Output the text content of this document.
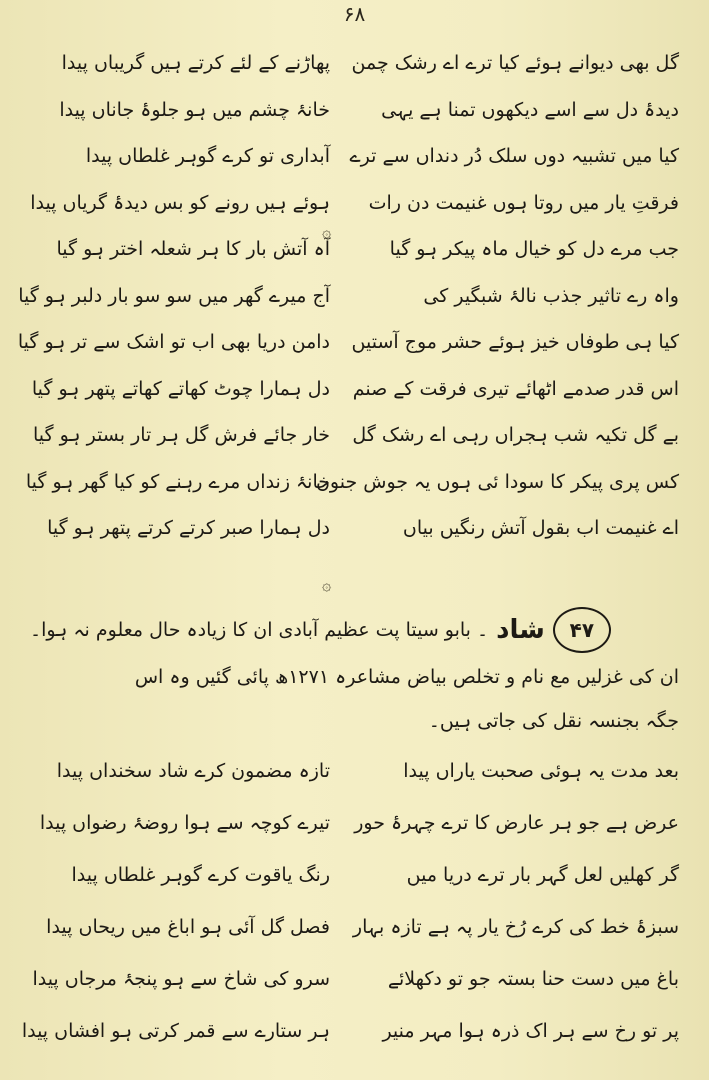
۶۸
گل بھی دیوانے ہوئے کیا ترے اے رشک چمن
پھاڑنے کے لئے کرتے ہیں گریباں پیدا
دیدۂ دل سے اسے دیکھوں تمنا ہے یہی
خانۂ چشم میں ہو جلوۂ جاناں پیدا
کیا میں تشبیہ دوں سلک دُر دنداں سے ترے
آبداری تو کرے گوہر غلطاں پیدا
فرقتِ یار میں روتا ہوں غنیمت دن رات
ہوئے ہیں رونے کو بس دیدۂ گریاں پیدا
جب مرے دل کو خیال ماہ پیکر ہو گیا
آہ آتش بار کا ہر شعلہ اختر ہو گیا
واہ رے تاثیر جذب نالۂ شبگیر کی
آج میرے گھر میں سو سو بار دلبر ہو گیا
کیا ہی طوفاں خیز ہوئے حشر موج آستیں
دامن دریا بھی اب تو اشک سے تر ہو گیا
اس قدر صدمے اٹھائے تیری فرقت کے صنم
دل ہمارا چوٹ کھاتے کھاتے پتھر ہو گیا
بے گل تکیہ شب ہجراں رہی اے رشک گل
خار جائے فرش گل ہر تار بستر ہو گیا
کس پری پیکر کا سودا ئی ہوں یہ جوش جنوں
خانۂ زنداں مرے رہنے کو کیا گھر ہو گیا
اے غنیمت اب بقول آتش رنگیں بیاں
دل ہمارا صبر کرتے کرتے پتھر ہو گیا
۞
۞
۴۷
شاد
۔ بابو سیتا پت عظیم آبادی ان کا زیادہ حال معلوم نہ ہوا۔
ان کی غزلیں مع نام و تخلص بیاض مشاعرہ ۱۲۷۱ھ پائی گئیں وہ اس
جگہ بجنسہ نقل کی جاتی ہیں۔
بعد مدت یہ ہوئی صحبت یاراں پیدا
تازہ مضمون کرے شاد سخنداں پیدا
عرض ہے جو ہر عارض کا ترے چہرۂ حور
تیرے کوچہ سے ہوا روضۂ رضواں پیدا
گر کھلیں لعل گہر بار ترے دریا میں
رنگ یاقوت کرے گوہر غلطاں پیدا
سبزۂ خط کی کرے رُخ یار پہ ہے تازہ بہار
فصل گل آئی ہو اباغ میں ریحاں پیدا
باغ میں دست حنا بستہ جو تو دکھلائے
سرو کی شاخ سے ہو پنجۂ مرجاں پیدا
پر تو رخ سے ہر اک ذرہ ہوا مہر منیر
ہر ستارے سے قمر کرتی ہو افشاں پیدا
